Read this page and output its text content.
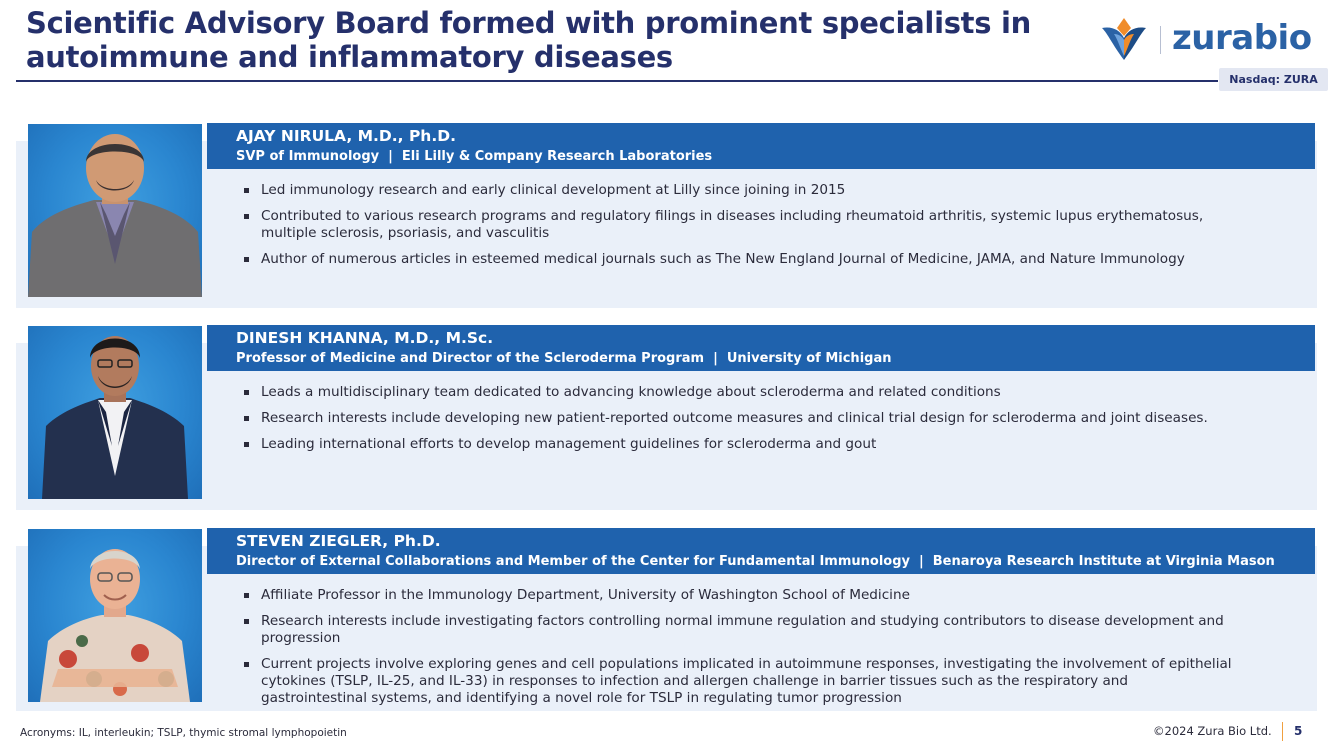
Scientific Advisory Board formed with prominent specialists in
autoimmune and inflammatory diseases	zurabio
Nasdaq: ZURA
AJAY NIRULA, M.D., Ph.D.
SVP of Immunology | Eli Lilly & Company Research Laboratories
Led immunology research and early clinical development at Lilly since joining in 2015
Contributed to various research programs and regulatory filings in diseases including rheumatoid arthritis, systemic lupus erythematosus, multiple sclerosis, psoriasis, and vasculitis
Author of numerous articles in esteemed medical journals such as The New England Journal of Medicine, JAMA, and Nature Immunology
DINESH KHANNA, M.D., M.Sc.
Professor of Medicine and Director of the Scleroderma Program | University of Michigan
Leads a multidisciplinary team dedicated to advancing knowledge about scleroderma and related conditions
Research interests include developing new patient-reported outcome measures and clinical trial design for scleroderma and joint diseases.
Leading international efforts to develop management guidelines for scleroderma and gout
STEVEN ZIEGLER, Ph.D.
Director of External Collaborations and Member of the Center for Fundamental Immunology | Benaroya Research Institute at Virginia Mason
Affiliate Professor in the Immunology Department, University of Washington School of Medicine
Research interests include investigating factors controlling normal immune regulation and studying contributors to disease development and progression
Current projects involve exploring genes and cell populations implicated in autoimmune responses, investigating the involvement of epithelial cytokines (TSLP, IL-25, and IL-33) in responses to infection and allergen challenge in barrier tissues such as the respiratory and gastrointestinal systems, and identifying a novel role for TSLP in regulating tumor progression
Acronyms: IL, interleukin; TSLP, thymic stromal lymphopoietin	©2024 Zura Bio Ltd. 5
